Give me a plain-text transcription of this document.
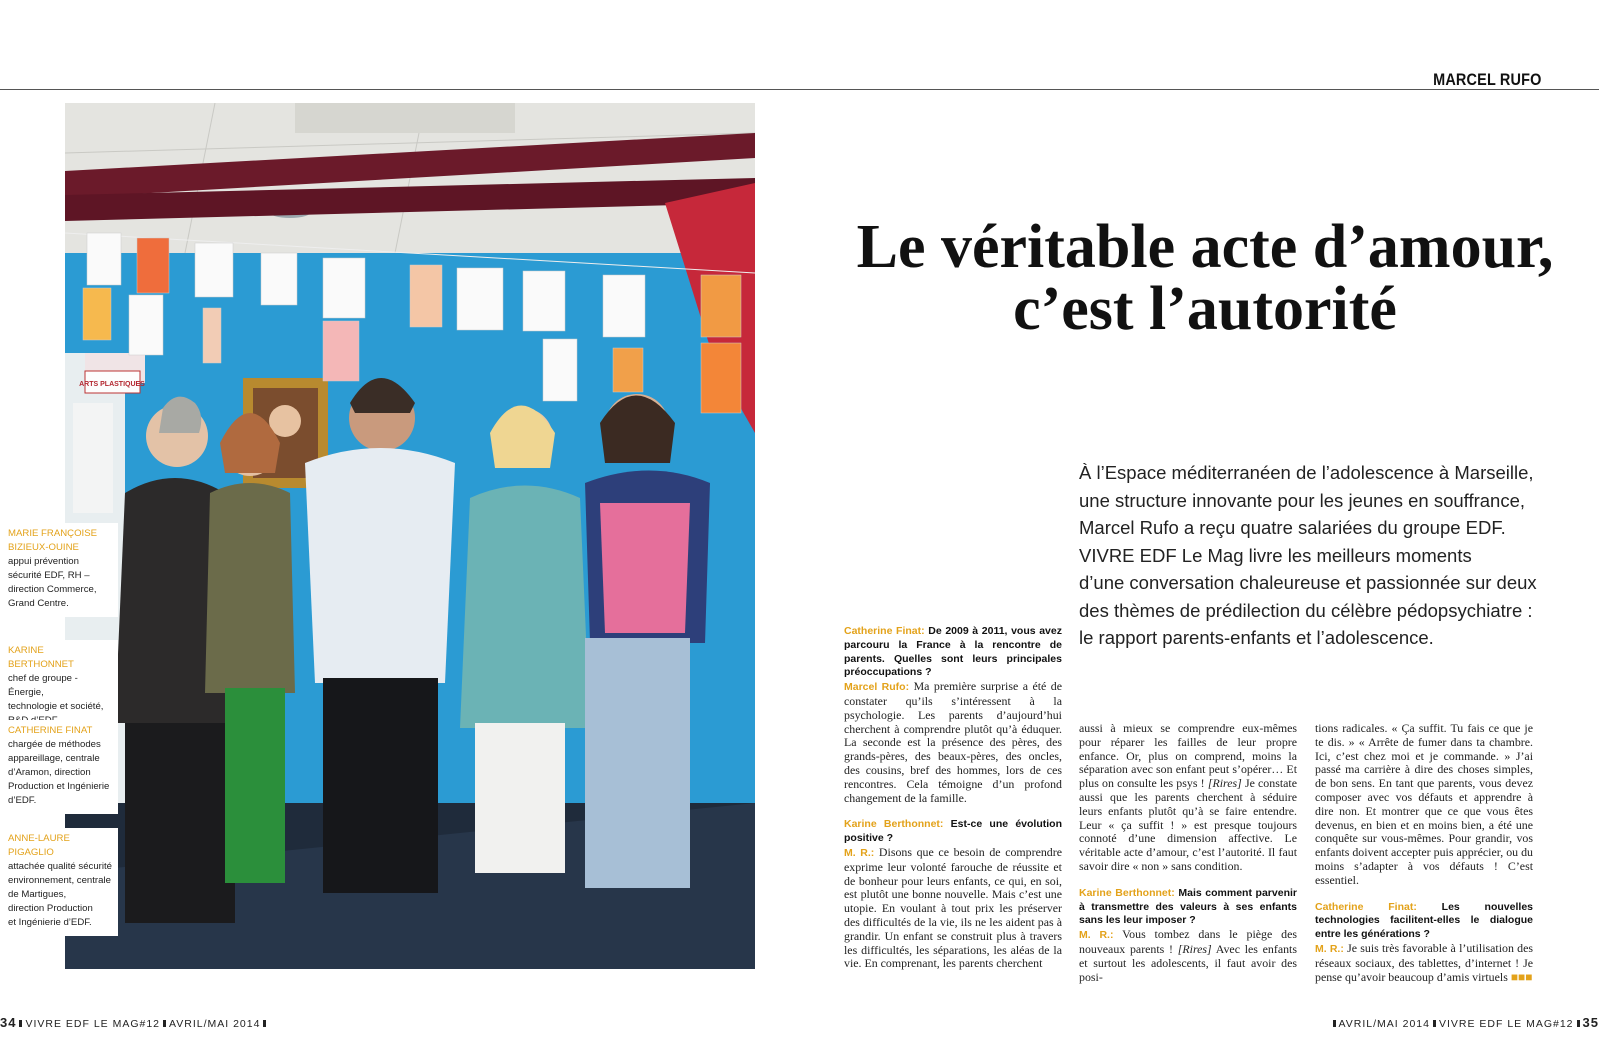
MARCEL RUFO
ARTS PLASTIQUES
MARIE FRANÇOISE
BIZIEUX-OUINE
appui prévention
sécurité EDF, RH –
direction Commerce,
Grand Centre.
KARINE BERTHONNET
chef de groupe - Énergie,
technologie et société,
CATHERINE FINAT
chargée de méthodes
appareillage, centrale
d’Aramon, direction
Production et Ingénierie
d’EDF.
ANNE-LAURE PIGAGLIO
attachée qualité sécurité
environnement, centrale
de Martigues,
direction Production
et Ingénierie d’EDF.
Le véritable acte d’amour,
c’est l’autorité
À l’Espace méditerranéen de l’adolescence à Marseille,
une structure innovante pour les jeunes en souffrance,
Marcel Rufo a reçu quatre salariées du groupe EDF.
VIVRE EDF Le Mag livre les meilleurs moments
d’une conversation chaleureuse et passionnée sur deux
des thèmes de prédilection du célèbre pédopsychiatre :
le rapport parents-enfants et l’adolescence.
Catherine Finat: De 2009 à 2011, vous avez parcouru la France à la rencontre de parents. Quelles sont leurs principales préoccupations ?
Marcel Rufo: Ma première surprise a été de constater qu’ils s’intéressent à la psychologie. Les parents d’aujourd’hui cherchent à comprendre plutôt qu’à éduquer. La seconde est la présence des pères, des grands-pères, des beaux-pères, des oncles, des cousins, bref des hommes, lors de ces rencontres. Cela témoigne d’un profond changement de la famille.
Karine Berthonnet: Est-ce une évolution positive ?
M. R.: Disons que ce besoin de comprendre exprime leur volonté farouche de réussite et de bonheur pour leurs enfants, ce qui, en soi, est plutôt une bonne nouvelle. Mais c’est une utopie. En voulant à tout prix les préserver des difficultés de la vie, ils ne les aident pas à grandir. Un enfant se construit plus à travers les difficultés, les séparations, les aléas de la vie. En comprenant, les parents cherchent
aussi à mieux se comprendre eux-mêmes pour réparer les failles de leur propre enfance. Or, plus on comprend, moins la séparation avec son enfant peut s’opérer… Et plus on consulte les psys ! [Rires] Je constate aussi que les parents cherchent à séduire leurs enfants plutôt qu’à se faire entendre. Leur « ça suffit ! » est presque toujours connoté d’une dimension affective. Le véritable acte d’amour, c’est l’autorité. Il faut savoir dire « non » sans condition.
Karine Berthonnet: Mais comment parvenir à transmettre des valeurs à ses enfants sans les leur imposer ?
M. R.: Vous tombez dans le piège des nouveaux parents ! [Rires] Avec les enfants et surtout les adolescents, il faut avoir des posi-
tions radicales. « Ça suffit. Tu fais ce que je te dis. » « Arrête de fumer dans ta chambre. Ici, c’est chez moi et je commande. » J’ai passé ma carrière à dire des choses simples, de bon sens. En tant que parents, vous devez composer avec vos défauts et apprendre à dire non. Et montrer que ce que vous êtes devenus, en bien et en moins bien, a été une conquête sur vous-mêmes. Pour grandir, vos enfants doivent accepter puis apprécier, ou du moins s’adapter à vos défauts ! C’est essentiel.
Catherine Finat: Les nouvelles technologies facilitent-elles le dialogue entre les générations ?
M. R.: Je suis très favorable à l’utilisation des réseaux sociaux, des tablettes, d’internet ! Je pense qu’avoir beaucoup d’amis virtuels ■■■
34 VIVRE EDF LE MAG#12 AVRIL/MAI 2014	AVRIL/MAI 2014 VIVRE EDF LE MAG#12 35
